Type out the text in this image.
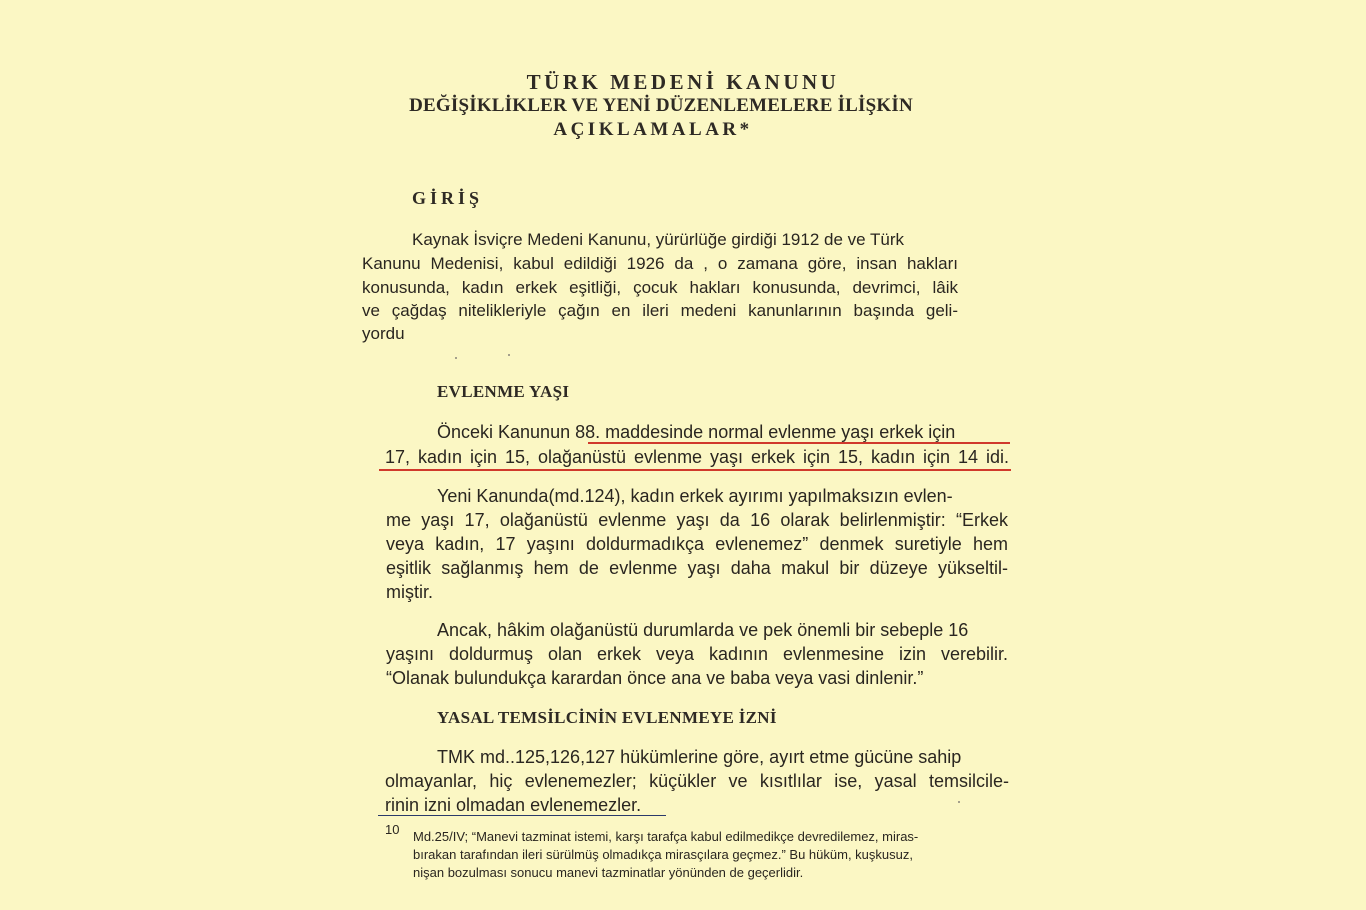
TÜRK MEDENİ KANUNU
DEĞİŞİKLİKLER VE YENİ DÜZENLEMELERE İLİŞKİN
AÇIKLAMALAR*
GİRİŞ
Kaynak İsviçre Medeni Kanunu, yürürlüğe girdiği 1912 de ve Türk
Kanunu Medenisi, kabul edildiği 1926 da , o zamana göre, insan hakları
konusunda, kadın erkek eşitliği, çocuk hakları konusunda, devrimci, lâik
ve çağdaş nitelikleriyle çağın en ileri medeni kanunlarının başında geli-
yordu
EVLENME YAŞI
Önceki Kanunun 88. maddesinde normal evlenme yaşı erkek için
17, kadın için 15, olağanüstü evlenme yaşı erkek için 15, kadın için 14 idi.
Yeni Kanunda(md.124), kadın erkek ayırımı yapılmaksızın evlen-
me yaşı 17, olağanüstü evlenme yaşı da 16 olarak belirlenmiştir: “Erkek
veya kadın, 17 yaşını doldurmadıkça evlenemez” denmek suretiyle hem
eşitlik sağlanmış hem de evlenme yaşı daha makul bir düzeye yükseltil-
miştir.
Ancak, hâkim olağanüstü durumlarda ve pek önemli bir sebeple 16
yaşını doldurmuş olan erkek veya kadının evlenmesine izin verebilir.
“Olanak bulundukça karardan önce ana ve baba veya vasi dinlenir.”
YASAL TEMSİLCİNİN EVLENMEYE İZNİ
TMK md..125,126,127 hükümlerine göre, ayırt etme gücüne sahip
olmayanlar, hiç evlenemezler; küçükler ve kısıtlılar ise, yasal temsilcile-
rinin izni olmadan evlenemezler.
10 Md.25/IV; “Manevi tazminat istemi, karşı tarafça kabul edilmedikçe devredilemez, miras-
bırakan tarafından ileri sürülmüş olmadıkça mirasçılara geçmez.” Bu hüküm, kuşkusuz,
nişan bozulması sonucu manevi tazminatlar yönünden de geçerlidir.
